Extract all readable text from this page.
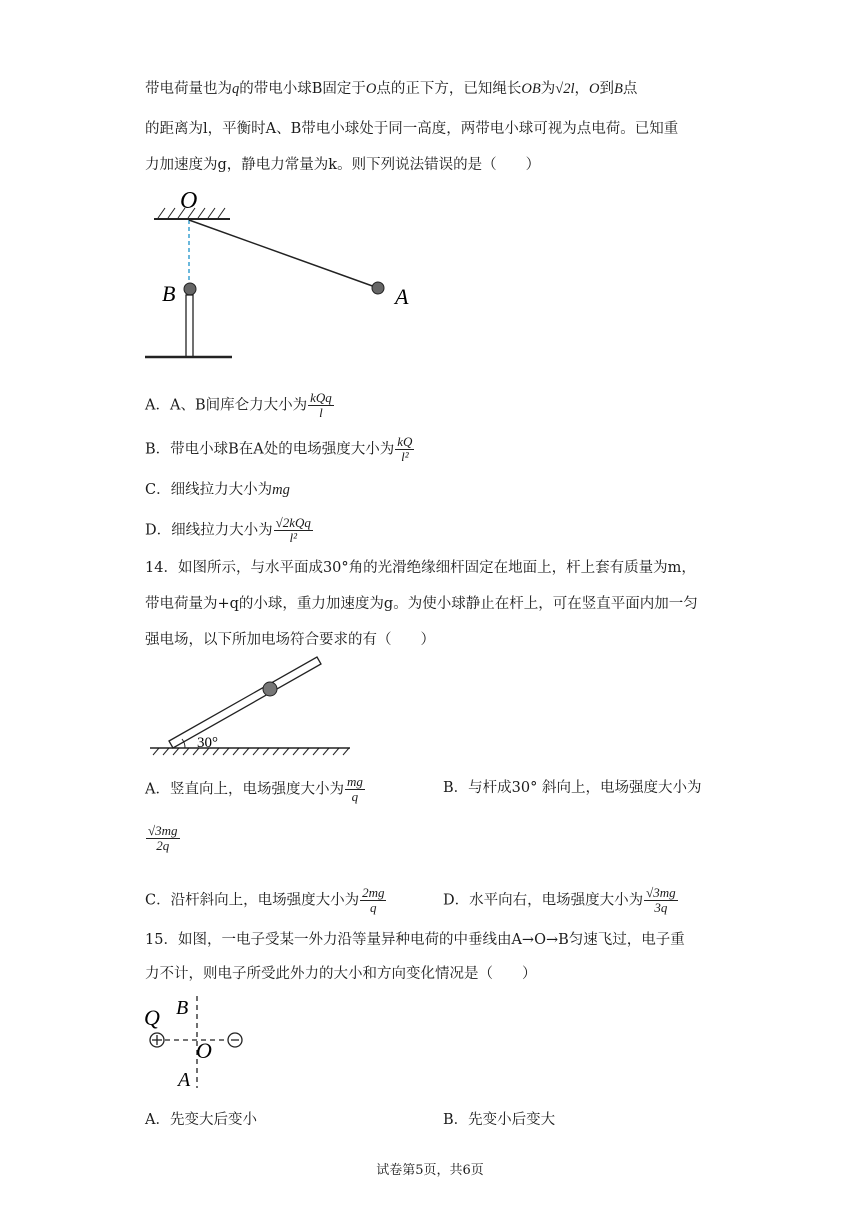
带电荷量也为q的带电小球B固定于O点的正下方，已知绳长OB为√2l，O到B点
的距离为l，平衡时A、B带电小球处于同一高度，两带电小球可视为点电荷。已知重
力加速度为g，静电力常量为k。则下列说法错误的是（　　）
O
A
B
A．A、B间库仑力大小为 $\frac{\text{kQq}}{l}$
B．带电小球B在A处的电场强度大小为 $\frac{kQ}{\text{l²}}$
C．细线拉力大小为mg
D．细线拉力大小为 $\frac{\text{√2kQq}}{\text{l²}}$
14．如图所示，与水平面成30°角的光滑绝缘细杆固定在地面上，杆上套有质量为m，
带电荷量为+q的小球，重力加速度为g。为使小球静止在杆上，可在竖直平面内加一匀
强电场，以下所加电场符合要求的有（　　）
30°
A．竖直向上，电场强度大小为 $\frac{mg}{q}$	B．与杆成30° 斜向上，电场强度大小为
$\frac{√3mg}{2q}$
C．沿杆斜向上，电场强度大小为 $\frac{2mg}{q}$	D．水平向右，电场强度大小为 $\frac{√3mg}{3q}$
15．如图，一电子受某一外力沿等量异种电荷的中垂线由A→O→B匀速飞过，电子重
力不计，则电子所受此外力的大小和方向变化情况是（　　）
Q B
O
A
A．先变大后变小	B．先变小后变大
试卷第5页，共6页
